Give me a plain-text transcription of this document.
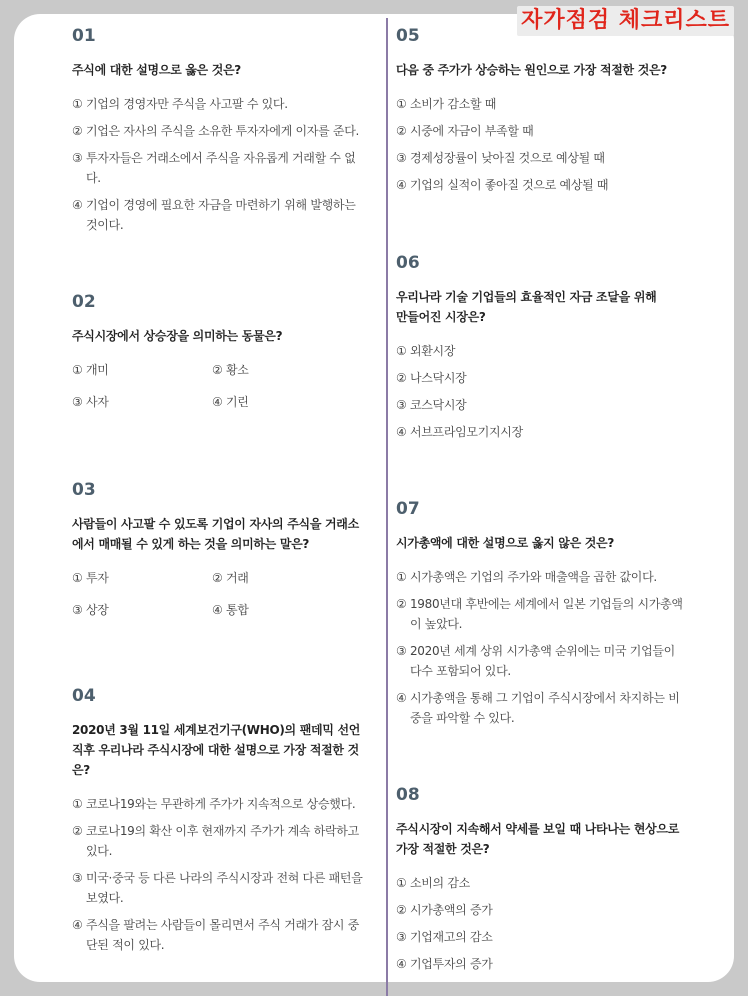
자가점검 체크리스트
01
주식에 대한 설명으로 옳은 것은?
① 기업의 경영자만 주식을 사고팔 수 있다.
② 기업은 자사의 주식을 소유한 투자자에게 이자를 준다.
③ 투자자들은 거래소에서 주식을 자유롭게 거래할 수 없다.
④ 기업이 경영에 필요한 자금을 마련하기 위해 발행하는 것이다.
02
주식시장에서 상승장을 의미하는 동물은?
① 개미	② 황소
③ 사자	④ 기린
03
사람들이 사고팔 수 있도록 기업이 자사의 주식을 거래소에서 매매될 수 있게 하는 것을 의미하는 말은?
① 투자	② 거래
③ 상장	④ 통합
04
2020년 3월 11일 세계보건기구(WHO)의 팬데믹 선언 직후 우리나라 주식시장에 대한 설명으로 가장 적절한 것은?
① 코로나19와는 무관하게 주가가 지속적으로 상승했다.
② 코로나19의 확산 이후 현재까지 주가가 계속 하락하고 있다.
③ 미국·중국 등 다른 나라의 주식시장과 전혀 다른 패턴을 보였다.
④ 주식을 팔려는 사람들이 몰리면서 주식 거래가 잠시 중단된 적이 있다.
05
다음 중 주가가 상승하는 원인으로 가장 적절한 것은?
① 소비가 감소할 때
② 시중에 자금이 부족할 때
③ 경제성장률이 낮아질 것으로 예상될 때
④ 기업의 실적이 좋아질 것으로 예상될 때
06
우리나라 기술 기업들의 효율적인 자금 조달을 위해 만들어진 시장은?
① 외환시장
② 나스닥시장
③ 코스닥시장
④ 서브프라임모기지시장
07
시가총액에 대한 설명으로 옳지 않은 것은?
① 시가총액은 기업의 주가와 매출액을 곱한 값이다.
② 1980년대 후반에는 세계에서 일본 기업들의 시가총액이 높았다.
③ 2020년 세계 상위 시가총액 순위에는 미국 기업들이 다수 포함되어 있다.
④ 시가총액을 통해 그 기업이 주식시장에서 차지하는 비중을 파악할 수 있다.
08
주식시장이 지속해서 약세를 보일 때 나타나는 현상으로 가장 적절한 것은?
① 소비의 감소
② 시가총액의 증가
③ 기업재고의 감소
④ 기업투자의 증가
